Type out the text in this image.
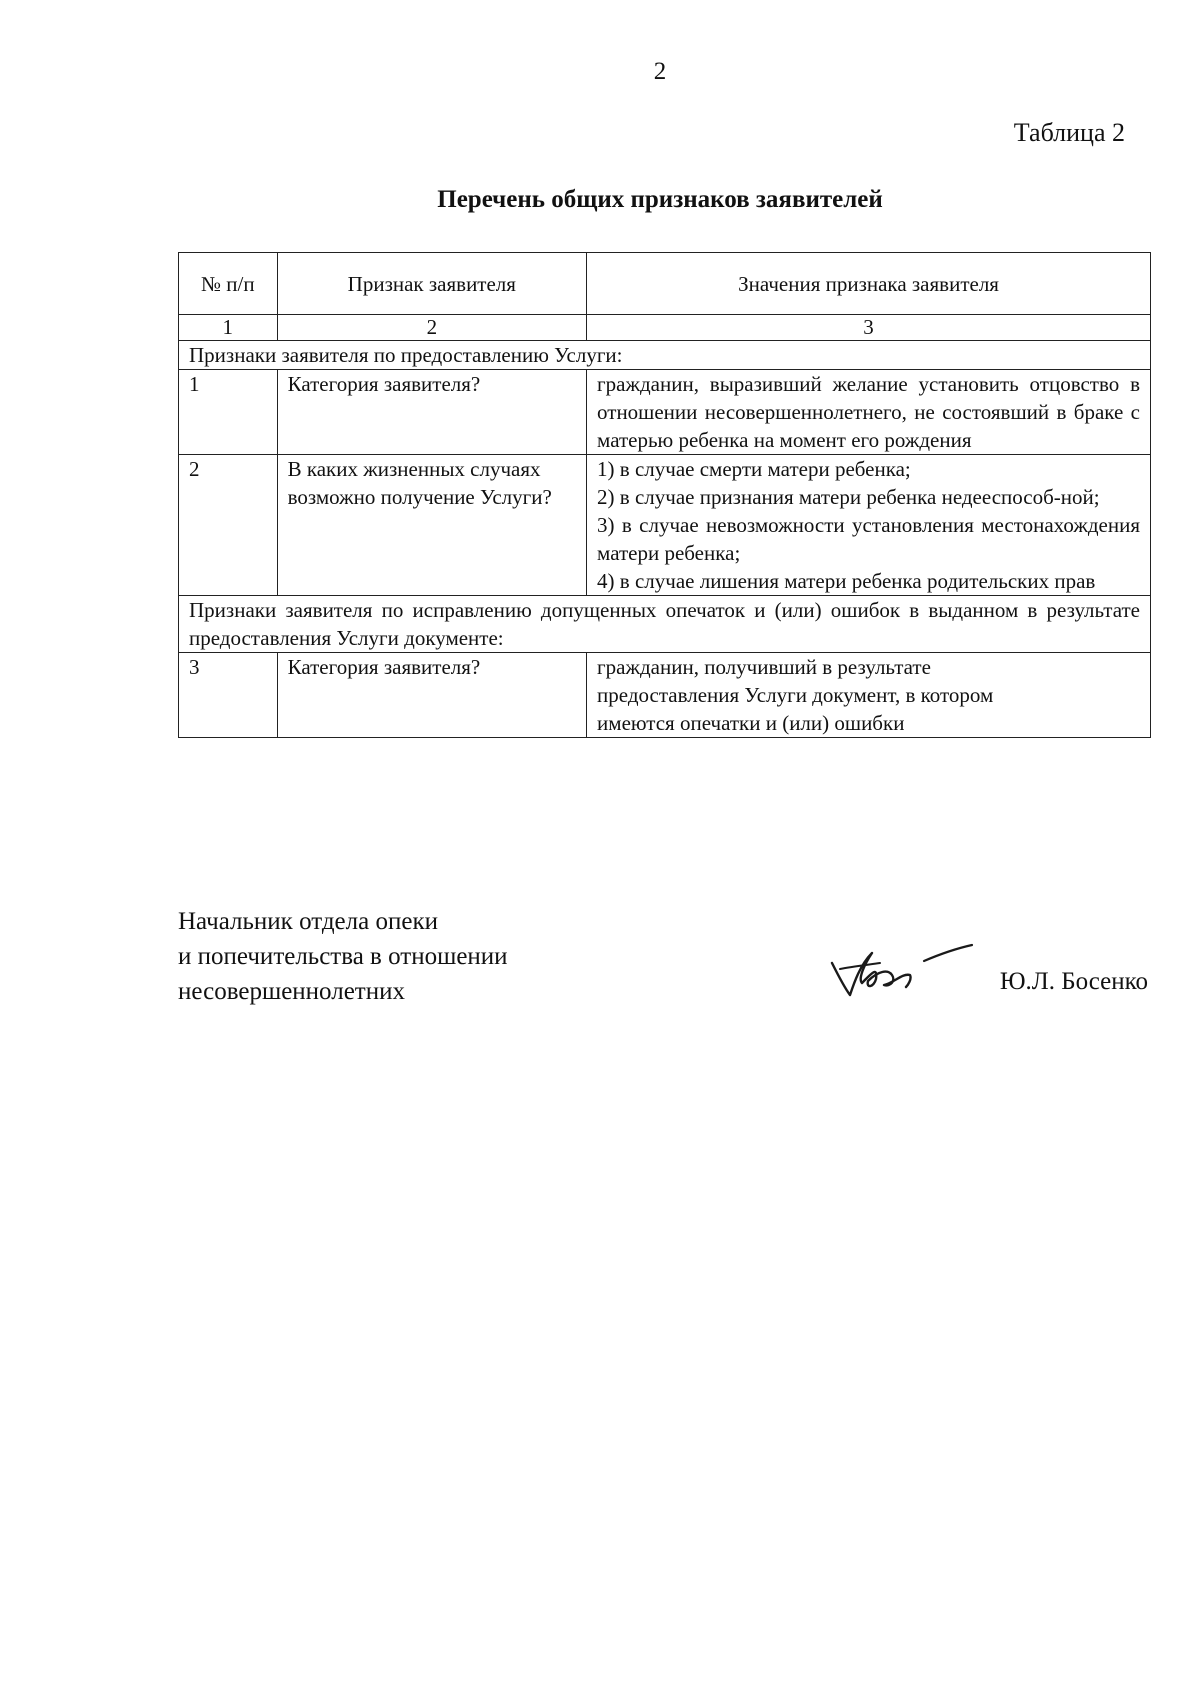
2
Таблица 2
Перечень общих признаков заявителей
№ п/п	Признак заявителя	Значения признака заявителя
1	2	3
Признаки заявителя по предоставлению Услуги:		
1	Категория заявителя?	гражданин, выразивший желание установить отцовство в отношении несовершеннолетнего, не состоявший в браке с матерью ребенка на момент его рождения
2	В каких жизненных случаях возможно получение Услуги?	1) в случае смерти матери ребенка;
2) в случае признания матери ребенка недееспособ-ной;
3) в случае невозможности установления местонахождения матери ребенка;
4) в случае лишения матери ребенка родительских прав

Признаки заявителя по исправлению допущенных опечаток и (или) ошибок в выданном в результате предоставления Услуги документе:		
3	Категория заявителя?	гражданин, получивший в результате предоставления Услуги документ, в котором имеются опечатки и (или) ошибки
Начальник отдела опеки
и попечительства в отношении
несовершеннолетних	Ю.Л. Босенко
